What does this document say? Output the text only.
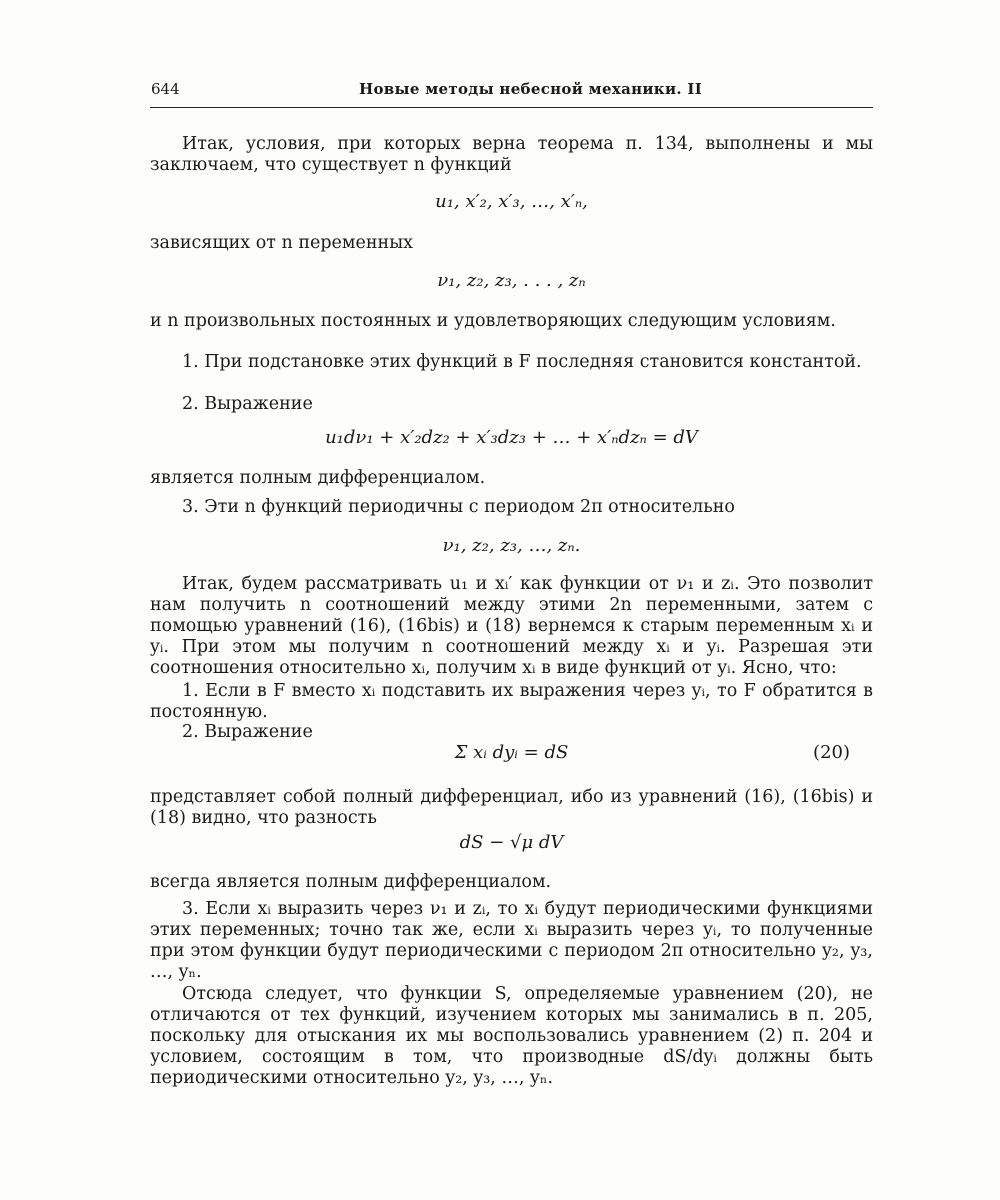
644	Новые методы небесной механики. II
Итак, условия, при которых верна теорема п. 134, выполнены и мы заключаем, что существует n функций
u₁, x′₂, x′₃, …, x′ₙ,
зависящих от n переменных
ν₁, z₂, z₃, . . . , zₙ
и n произвольных постоянных и удовлетворяющих следующим условиям.
1. При подстановке этих функций в F последняя становится константой.
2. Выражение
u₁dν₁ + x′₂dz₂ + x′₃dz₃ + … + x′ₙdzₙ = dV
является полным дифференциалом.
3. Эти n функций периодичны с периодом 2π относительно
ν₁, z₂, z₃, …, zₙ.
Итак, будем рассматривать u₁ и xᵢ′ как функции от ν₁ и zᵢ. Это позволит нам получить n соотношений между этими 2n переменными, затем с помощью уравнений (16), (16bis) и (18) вернемся к старым переменным xᵢ и yᵢ. При этом мы получим n соотношений между xᵢ и yᵢ. Разрешая эти соотношения относительно xᵢ, получим xᵢ в виде функций от yᵢ. Ясно, что:
1. Если в F вместо xᵢ подставить их выражения через yᵢ, то F обратится в постоянную.
2. Выражение
Σ xᵢ dyᵢ = dS	(20)
представляет собой полный дифференциал, ибо из уравнений (16), (16bis) и (18) видно, что разность
dS − √μ dV
всегда является полным дифференциалом.
3. Если xᵢ выразить через ν₁ и zᵢ, то xᵢ будут периодическими функциями этих переменных; точно так же, если xᵢ выразить через yᵢ, то полученные при этом функции будут периодическими с периодом 2π относительно y₂, y₃, …, yₙ.
Отсюда следует, что функции S, определяемые уравнением (20), не отличаются от тех функций, изучением которых мы занимались в п. 205, поскольку для отыскания их мы воспользовались уравнением (2) п. 204 и условием, состоящим в том, что производные dS/dyᵢ должны быть периодическими относительно y₂, y₃, …, yₙ.
